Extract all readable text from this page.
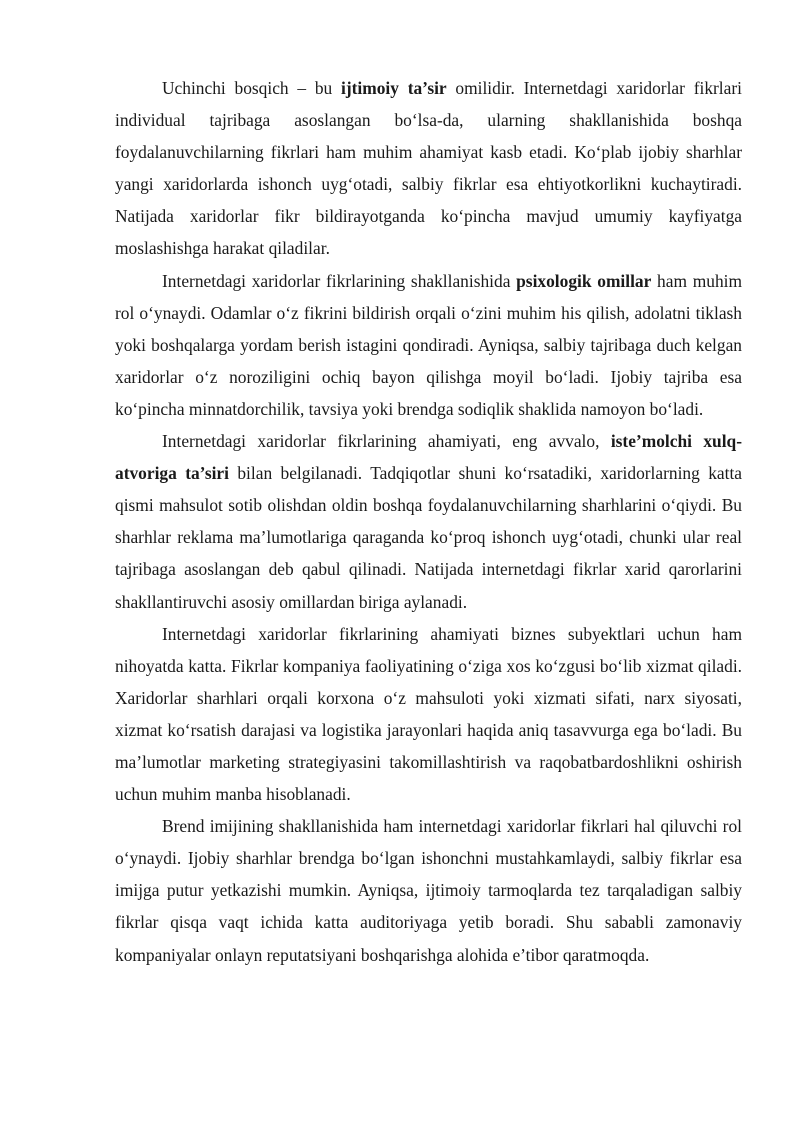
Uchinchi bosqich – bu ijtimoiy ta’sir omilidir. Internetdagi xaridorlar fikrlari individual tajribaga asoslangan bo‘lsa-da, ularning shakllanishida boshqa foydalanuvchilarning fikrlari ham muhim ahamiyat kasb etadi. Ko‘plab ijobiy sharhlar yangi xaridorlarda ishonch uyg‘otadi, salbiy fikrlar esa ehtiyotkorlikni kuchaytiradi. Natijada xaridorlar fikr bildirayotganda ko‘pincha mavjud umumiy kayfiyatga moslashishga harakat qiladilar.

Internetdagi xaridorlar fikrlarining shakllanishida psixologik omillar ham muhim rol o‘ynaydi. Odamlar o‘z fikrini bildirish orqali o‘zini muhim his qilish, adolatni tiklash yoki boshqalarga yordam berish istagini qondiradi. Ayniqsa, salbiy tajribaga duch kelgan xaridorlar o‘z noroziligini ochiq bayon qilishga moyil bo‘ladi. Ijobiy tajriba esa ko‘pincha minnatdorchilik, tavsiya yoki brendga sodiqlik shaklida namoyon bo‘ladi.

Internetdagi xaridorlar fikrlarining ahamiyati, eng avvalo, iste’molchi xulq-atvoriga ta’siri bilan belgilanadi. Tadqiqotlar shuni ko‘rsatadiki, xaridorlarning katta qismi mahsulot sotib olishdan oldin boshqa foydalanuvchilarning sharhlarini o‘qiydi. Bu sharhlar reklama ma’lumotlariga qaraganda ko‘proq ishonch uyg‘otadi, chunki ular real tajribaga asoslangan deb qabul qilinadi. Natijada internetdagi fikrlar xarid qarorlarini shakllantiruvchi asosiy omillardan biriga aylanadi.

Internetdagi xaridorlar fikrlarining ahamiyati biznes subyektlari uchun ham nihoyatda katta. Fikrlar kompaniya faoliyatining o‘ziga xos ko‘zgusi bo‘lib xizmat qiladi. Xaridorlar sharhlari orqali korxona o‘z mahsuloti yoki xizmati sifati, narx siyosati, xizmat ko‘rsatish darajasi va logistika jarayonlari haqida aniq tasavvurga ega bo‘ladi. Bu ma’lumotlar marketing strategiyasini takomillashtirish va raqobatbardoshlikni oshirish uchun muhim manba hisoblanadi.

Brend imijining shakllanishida ham internetdagi xaridorlar fikrlari hal qiluvchi rol o‘ynaydi. Ijobiy sharhlar brendga bo‘lgan ishonchni mustahkamlaydi, salbiy fikrlar esa imijga putur yetkazishi mumkin. Ayniqsa, ijtimoiy tarmoqlarda tez tarqaladigan salbiy fikrlar qisqa vaqt ichida katta auditoriyaga yetib boradi. Shu sababli zamonaviy kompaniyalar onlayn reputatsiyani boshqarishga alohida e’tibor qaratmoqda.
